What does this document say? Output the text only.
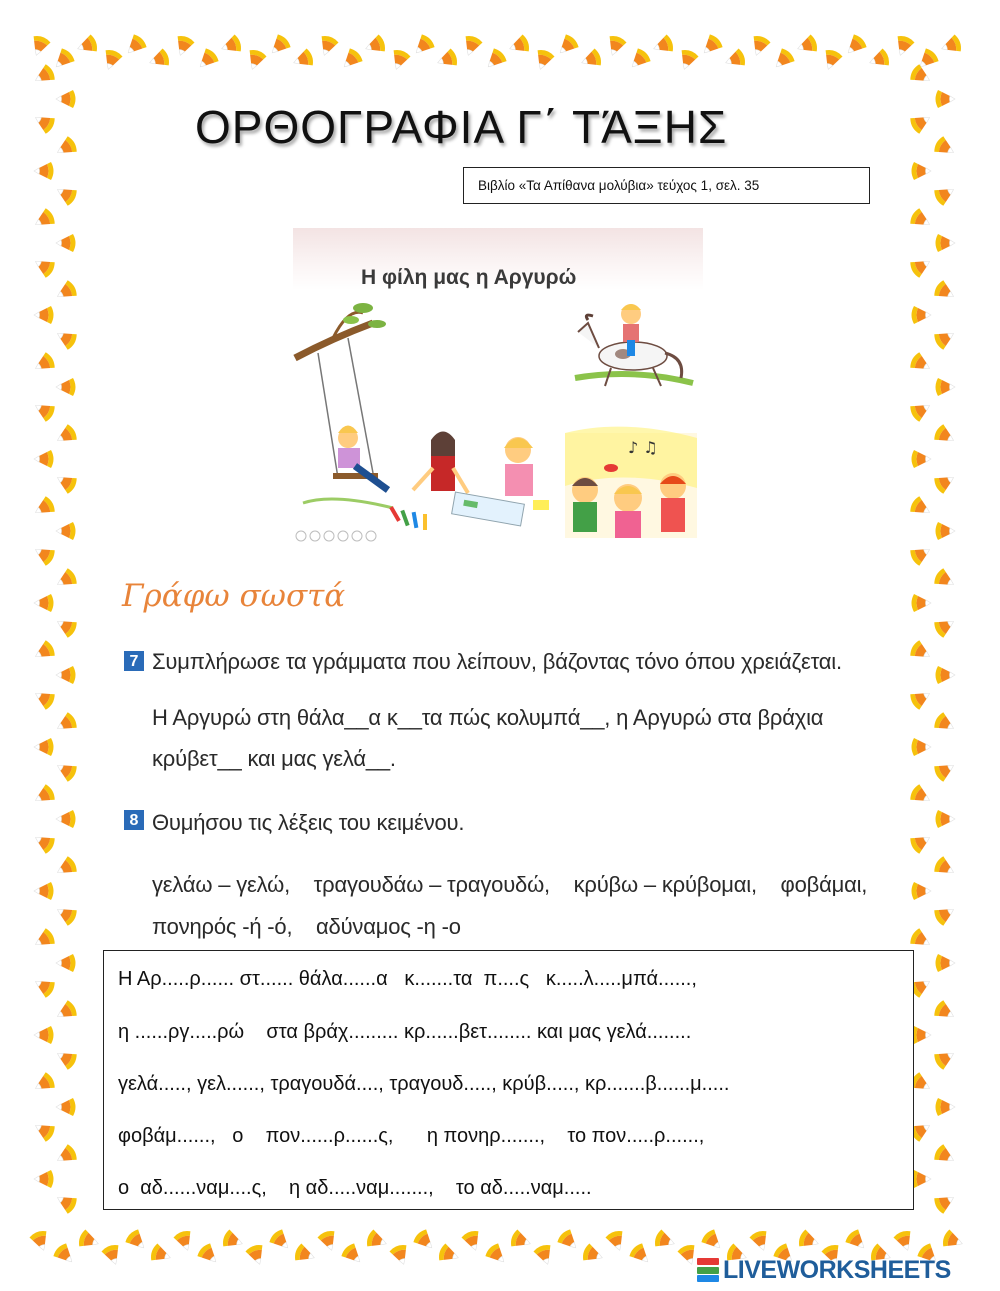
ΟΡΘΟΓΡΑΦΙΑ Γ΄ ΤΆΞΗΣ
Βιβλίο «Τα Απίθανα μολύβια» τεύχος 1, σελ. 35
Η φίλη μας η Αργυρώ
♪ ♫
Γράφω σωστά
7 Συμπλήρωσε τα γράμματα που λείπουν, βάζοντας τόνο όπου χρειάζεται.
Η Αργυρώ στη θάλα__α κ__τα πώς κολυμπά__, η Αργυρώ στα βράχια
κρύβετ__ και μας γελά__.
8 Θυμήσου τις λέξεις του κειμένου.
γελάω – γελώ,    τραγουδάω – τραγουδώ,    κρύβω – κρύβομαι,    φοβάμαι,
πονηρός -ή -ό,    αδύναμος -η -ο
Η Αρ.....ρ...... στ...... θάλα......α   κ.......τα  π....ς   κ.....λ.....μπά......,
η ......ργ.....ρώ    στα βράχ......... κρ......βετ........ και μας γελά........
γελά....., γελ......, τραγουδά...., τραγουδ....., κρύβ....., κρ.......β......μ.....
φοβάμ......,   ο    πον......ρ......ς,      η πονηρ.......,    το πον.....ρ......,
ο  αδ......ναμ....ς,    η αδ.....ναμ.......,    το αδ.....ναμ.....
LIVEWORKSHEETS
